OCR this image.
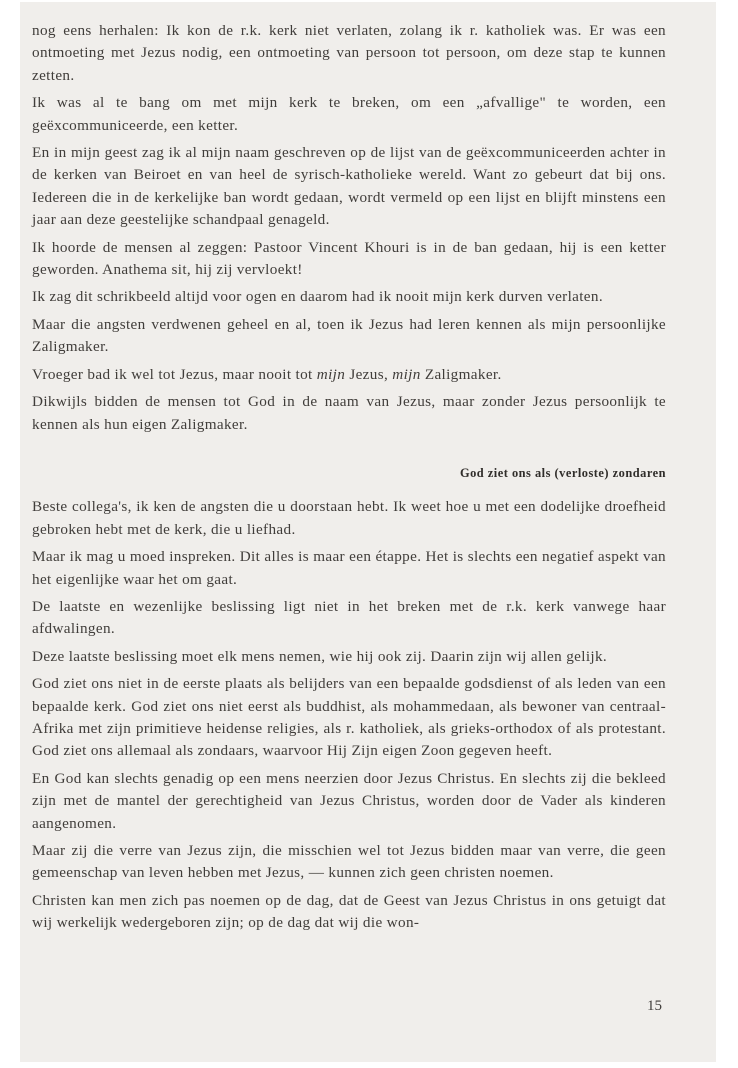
nog eens herhalen: Ik kon de r.k. kerk niet verlaten, zolang ik r. katholiek was. Er was een ontmoeting met Jezus nodig, een ontmoeting van persoon tot persoon, om deze stap te kunnen zetten.

Ik was al te bang om met mijn kerk te breken, om een „afvallige" te worden, een geëxcommuniceerde, een ketter.

En in mijn geest zag ik al mijn naam geschreven op de lijst van de geëxcommuniceerden achter in de kerken van Beiroet en van heel de syrisch-katholieke wereld. Want zo gebeurt dat bij ons. Iedereen die in de kerkelijke ban wordt gedaan, wordt vermeld op een lijst en blijft minstens een jaar aan deze geestelijke schandpaal genageld.

Ik hoorde de mensen al zeggen: Pastoor Vincent Khouri is in de ban gedaan, hij is een ketter geworden. Anathema sit, hij zij vervloekt!

Ik zag dit schrikbeeld altijd voor ogen en daarom had ik nooit mijn kerk durven verlaten.

Maar die angsten verdwenen geheel en al, toen ik Jezus had leren kennen als mijn persoonlijke Zaligmaker.

Vroeger bad ik wel tot Jezus, maar nooit tot mijn Jezus, mijn Zaligmaker.

Dikwijls bidden de mensen tot God in de naam van Jezus, maar zonder Jezus persoonlijk te kennen als hun eigen Zaligmaker.

God ziet ons als (verloste) zondaren

Beste collega's, ik ken de angsten die u doorstaan hebt. Ik weet hoe u met een dodelijke droefheid gebroken hebt met de kerk, die u liefhad.

Maar ik mag u moed inspreken. Dit alles is maar een étappe. Het is slechts een negatief aspekt van het eigenlijke waar het om gaat.

De laatste en wezenlijke beslissing ligt niet in het breken met de r.k. kerk vanwege haar afdwalingen.

Deze laatste beslissing moet elk mens nemen, wie hij ook zij. Daarin zijn wij allen gelijk.

God ziet ons niet in de eerste plaats als belijders van een bepaalde godsdienst of als leden van een bepaalde kerk. God ziet ons niet eerst als buddhist, als mohammedaan, als bewoner van centraal-Afrika met zijn primitieve heidense religies, als r. katholiek, als grieks-orthodox of als protestant. God ziet ons allemaal als zondaars, waarvoor Hij Zijn eigen Zoon gegeven heeft.

En God kan slechts genadig op een mens neerzien door Jezus Christus. En slechts zij die bekleed zijn met de mantel der gerechtigheid van Jezus Christus, worden door de Vader als kinderen aangenomen.

Maar zij die verre van Jezus zijn, die misschien wel tot Jezus bidden maar van verre, die geen gemeenschap van leven hebben met Jezus, — kunnen zich geen christen noemen.

Christen kan men zich pas noemen op de dag, dat de Geest van Jezus Christus in ons getuigt dat wij werkelijk wedergeboren zijn; op de dag dat wij die won-

15
